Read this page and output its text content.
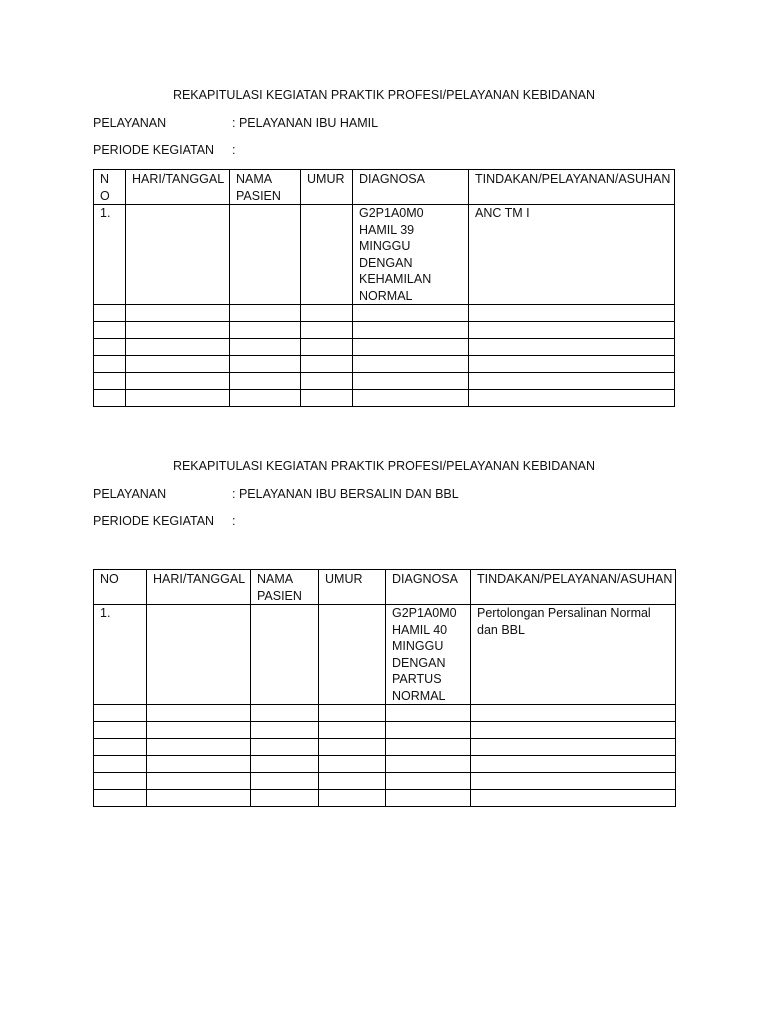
REKAPITULASI KEGIATAN PRAKTIK PROFESI/PELAYANAN KEBIDANAN
PELAYANAN	: PELAYANAN IBU HAMIL
PERIODE KEGIATAN :
N O	HARI/TANGGAL	NAMA PASIEN	UMUR	DIAGNOSA	TINDAKAN/PELAYANAN/ASUHAN
1.				G2P1A0M0 HAMIL 39 MINGGU DENGAN KEHAMILAN NORMAL	ANC TM I

REKAPITULASI KEGIATAN PRAKTIK PROFESI/PELAYANAN KEBIDANAN
PELAYANAN	: PELAYANAN IBU BERSALIN DAN BBL
PERIODE KEGIATAN :
NO	HARI/TANGGAL	NAMA PASIEN	UMUR	DIAGNOSA	TINDAKAN/PELAYANAN/ASUHAN
1.				G2P1A0M0 HAMIL 40 MINGGU DENGAN PARTUS NORMAL	Pertolongan Persalinan Normal dan BBL
